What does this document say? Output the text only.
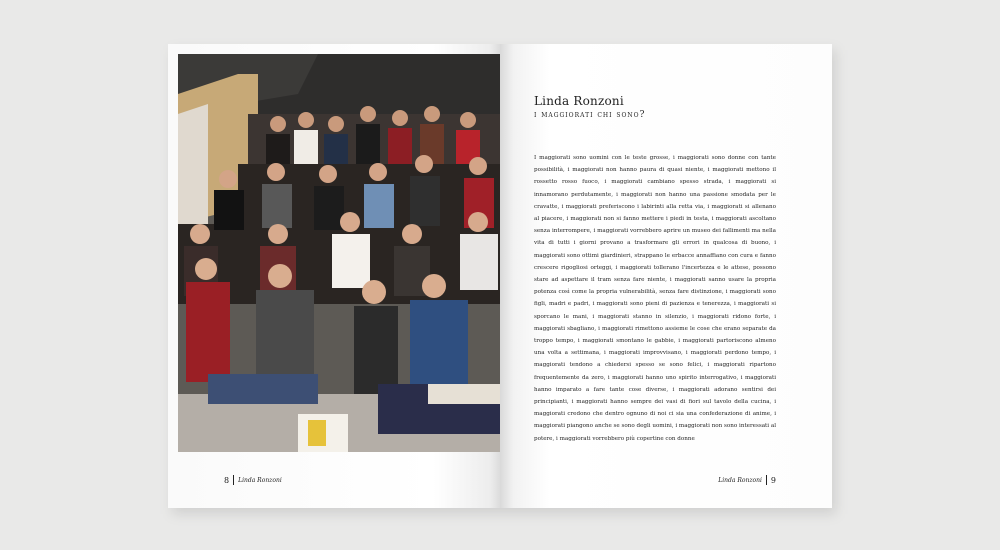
8 Linda Ronzoni
Linda Ronzoni
i maggiorati chi sono?

I maggiorati sono uomini con le teste grosse, i maggiorati sono donne con tante possibilità, i maggiorati non hanno paura di quasi niente, i maggiorati mettono il rossetto rosso fuoco, i maggiorati cambiano spesso strada, i maggiorati si innamorano perdutamente, i maggiorati non hanno una passione smodata per le cravatte, i maggiorati preferiscono i labirinti alla retta via, i maggiorati si allenano al piacere, i maggiorati non si fanno mettere i piedi in testa, i maggiorati ascoltano senza interrompere, i maggiorati vorrebbero aprire un museo dei fallimenti ma nella vita di tutti i giorni provano a trasformare gli errori in qualcosa di buono, i maggiorati sono ottimi giardinieri, strappano le erbacce annaffiano con cura e fanno crescere rigogliosi orteggi, i maggiorati tollerano l'incertezza e le attese, possono stare ad aspettare il tram senza fare niente, i maggiorati sanno usare la propria potenza così come la propria vulnerabilità, senza fare distinzione, i maggiorati sono figli, madri e padri, i maggiorati sono pieni di pazienza e tenerezza, i maggiorati si sporcano le mani, i maggiorati stanno in silenzio, i maggiorati ridono forte, i maggiorati sbagliano, i maggiorati rimettono assieme le cose che erano separate da troppo tempo, i maggiorati smontano le gabbie, i maggiorati partoriscono almeno una volta a settimana, i maggiorati improvvisano, i maggiorati perdono tempo, i maggiorati tendono a chiedersi spesso se sono felici, i maggiorati ripartono frequentemente da zero, i maggiorati hanno uno spirito interrogativo, i maggiorati hanno imparato a fare tante cose diverse, i maggiorati adorano sentirsi dei principianti, i maggiorati hanno sempre dei vasi di fiori sul tavolo della cucina, i maggiorati credono che dentro ognuno di noi ci sia una confederazione di anime, i maggiorati piangono anche se sono degli uomini, i maggiorati non sono interessati al potere, i maggiorati vorrebbero più copertine con donne

Linda Ronzoni 9
